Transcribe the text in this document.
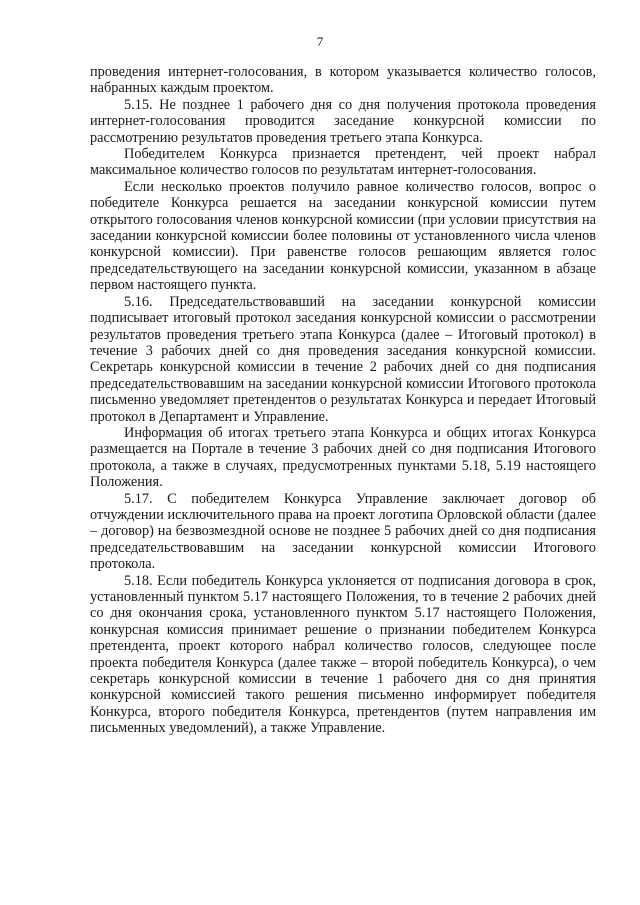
7

проведения интернет-голосования, в котором указывается количество голосов, набранных каждым проектом.

5.15. Не позднее 1 рабочего дня со дня получения протокола проведения интернет-голосования проводится заседание конкурсной комиссии по рассмотрению результатов проведения третьего этапа Конкурса.

Победителем Конкурса признается претендент, чей проект набрал максимальное количество голосов по результатам интернет-голосования.

Если несколько проектов получило равное количество голосов, вопрос о победителе Конкурса решается на заседании конкурсной комиссии путем открытого голосования членов конкурсной комиссии (при условии присутствия на заседании конкурсной комиссии более половины от установленного числа членов конкурсной комиссии). При равенстве голосов решающим является голос председательствующего на заседании конкурсной комиссии, указанном в абзаце первом настоящего пункта.

5.16. Председательствовавший на заседании конкурсной комиссии подписывает итоговый протокол заседания конкурсной комиссии о рассмотрении результатов проведения третьего этапа Конкурса (далее – Итоговый протокол) в течение 3 рабочих дней со дня проведения заседания конкурсной комиссии. Секретарь конкурсной комиссии в течение 2 рабочих дней со дня подписания председательствовавшим на заседании конкурсной комиссии Итогового протокола письменно уведомляет претендентов о результатах Конкурса и передает Итоговый протокол в Департамент и Управление.

Информация об итогах третьего этапа Конкурса и общих итогах Конкурса размещается на Портале в течение 3 рабочих дней со дня подписания Итогового протокола, а также в случаях, предусмотренных пунктами 5.18, 5.19 настоящего Положения.

5.17. С победителем Конкурса Управление заключает договор об отчуждении исключительного права на проект логотипа Орловской области (далее – договор) на безвозмездной основе не позднее 5 рабочих дней со дня подписания председательствовавшим на заседании конкурсной комиссии Итогового протокола.

5.18. Если победитель Конкурса уклоняется от подписания договора в срок, установленный пунктом 5.17 настоящего Положения, то в течение 2 рабочих дней со дня окончания срока, установленного пунктом 5.17 настоящего Положения, конкурсная комиссия принимает решение о признании победителем Конкурса претендента, проект которого набрал количество голосов, следующее после проекта победителя Конкурса (далее также – второй победитель Конкурса), о чем секретарь конкурсной комиссии в течение 1 рабочего дня со дня принятия конкурсной комиссией такого решения письменно информирует победителя Конкурса, второго победителя Конкурса, претендентов (путем направления им письменных уведомлений), а также Управление.
